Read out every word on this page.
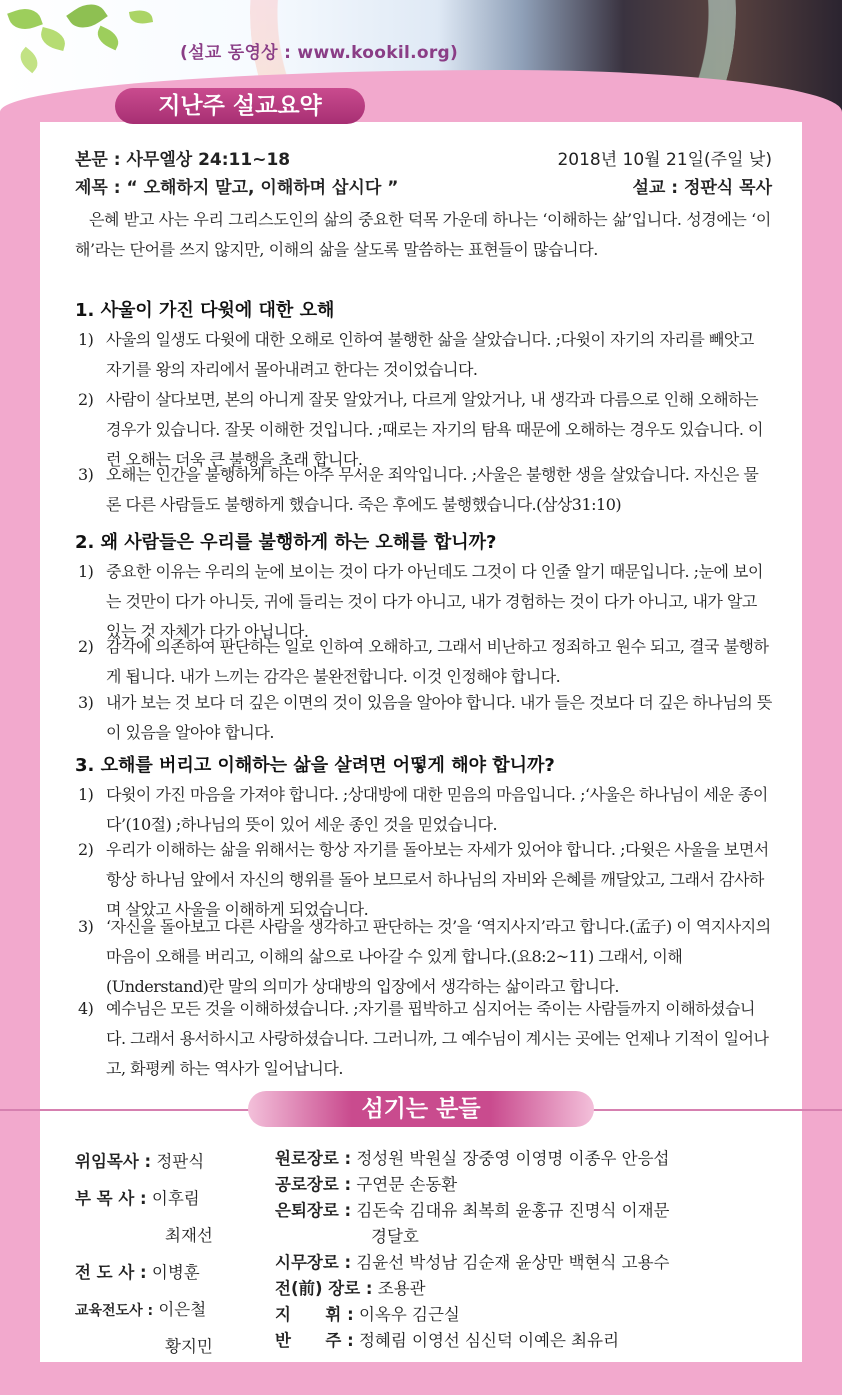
(설교 동영상 : www.kookil.org)
지난주 설교요약
본문 : 사무엘상 24:11~18	2018년 10월 21일(주일 낮)
제목 : “ 오해하지 말고, 이해하며 삽시다 ”	설교 : 정판식 목사
은혜 받고 사는 우리 그리스도인의 삶의 중요한 덕목 가운데 하나는 ‘이해하는 삶’입니다. 성경에는 ‘이해’라는 단어를 쓰지 않지만, 이해의 삶을 살도록 말씀하는 표현들이 많습니다.
1. 사울이 가진 다윗에 대한 오해
1) 사울의 일생도 다윗에 대한 오해로 인하여 불행한 삶을 살았습니다. ;다윗이 자기의 자리를 빼앗고 자기를 왕의 자리에서 몰아내려고 한다는 것이었습니다.
2) 사람이 살다보면, 본의 아니게 잘못 알았거나, 다르게 알았거나, 내 생각과 다름으로 인해 오해하는 경우가 있습니다. 잘못 이해한 것입니다. ;때로는 자기의 탐욕 때문에 오해하는 경우도 있습니다. 이런 오해는 더욱 큰 불행을 초래 합니다.
3) 오해는 인간을 불행하게 하는 아주 무서운 죄악입니다. ;사울은 불행한 생을 살았습니다. 자신은 물론 다른 사람들도 불행하게 했습니다. 죽은 후에도 불행했습니다.(삼상31:10)
2. 왜 사람들은 우리를 불행하게 하는 오해를 합니까?
1) 중요한 이유는 우리의 눈에 보이는 것이 다가 아닌데도 그것이 다 인줄 알기 때문입니다. ;눈에 보이는 것만이 다가 아니듯, 귀에 들리는 것이 다가 아니고, 내가 경험하는 것이 다가 아니고, 내가 알고 있는 것 자체가 다가 아닙니다.
2) 감각에 의존하여 판단하는 일로 인하여 오해하고, 그래서 비난하고 정죄하고 원수 되고, 결국 불행하게 됩니다. 내가 느끼는 감각은 불완전합니다. 이것 인정해야 합니다.
3) 내가 보는 것 보다 더 깊은 이면의 것이 있음을 알아야 합니다. 내가 들은 것보다 더 깊은 하나님의 뜻이 있음을 알아야 합니다.
3. 오해를 버리고 이해하는 삶을 살려면 어떻게 해야 합니까?
1) 다윗이 가진 마음을 가져야 합니다. ;상대방에 대한 믿음의 마음입니다. ;‘사울은 하나님이 세운 종이다’(10절) ;하나님의 뜻이 있어 세운 종인 것을 믿었습니다.
2) 우리가 이해하는 삶을 위해서는 항상 자기를 돌아보는 자세가 있어야 합니다. ;다윗은 사울을 보면서 항상 하나님 앞에서 자신의 행위를 돌아 보므로서 하나님의 자비와 은혜를 깨달았고, 그래서 감사하며 살았고 사울을 이해하게 되었습니다.
3) ‘자신을 돌아보고 다른 사람을 생각하고 판단하는 것’을 ‘역지사지’라고 합니다.(孟子) 이 역지사지의 마음이 오해를 버리고, 이해의 삶으로 나아갈 수 있게 합니다.(요8:2~11) 그래서, 이해(Understand)란 말의 의미가 상대방의 입장에서 생각하는 삶이라고 합니다.
4) 예수님은 모든 것을 이해하셨습니다. ;자기를 핍박하고 심지어는 죽이는 사람들까지 이해하셨습니다. 그래서 용서하시고 사랑하셨습니다. 그러니까, 그 예수님이 계시는 곳에는 언제나 기적이 일어나고, 화평케 하는 역사가 일어납니다.
섬기는 분들
위임목사 : 정판식
부 목 사 : 이후림
최재선
전 도 사 : 이병훈
교육전도사 : 이은철
황지민
원로장로 : 정성원 박원실 장중영 이영명 이종우 안응섭
공로장로 : 구연문 손동환
은퇴장로 : 김돈숙 김대유 최복희 윤홍규 진명식 이재문
경달호
시무장로 : 김윤선 박성남 김순재 윤상만 백현식 고용수
전(前) 장로 : 조용관
지      휘 : 이옥우 김근실
반      주 : 정혜림 이영선 심신덕 이예은 최유리
